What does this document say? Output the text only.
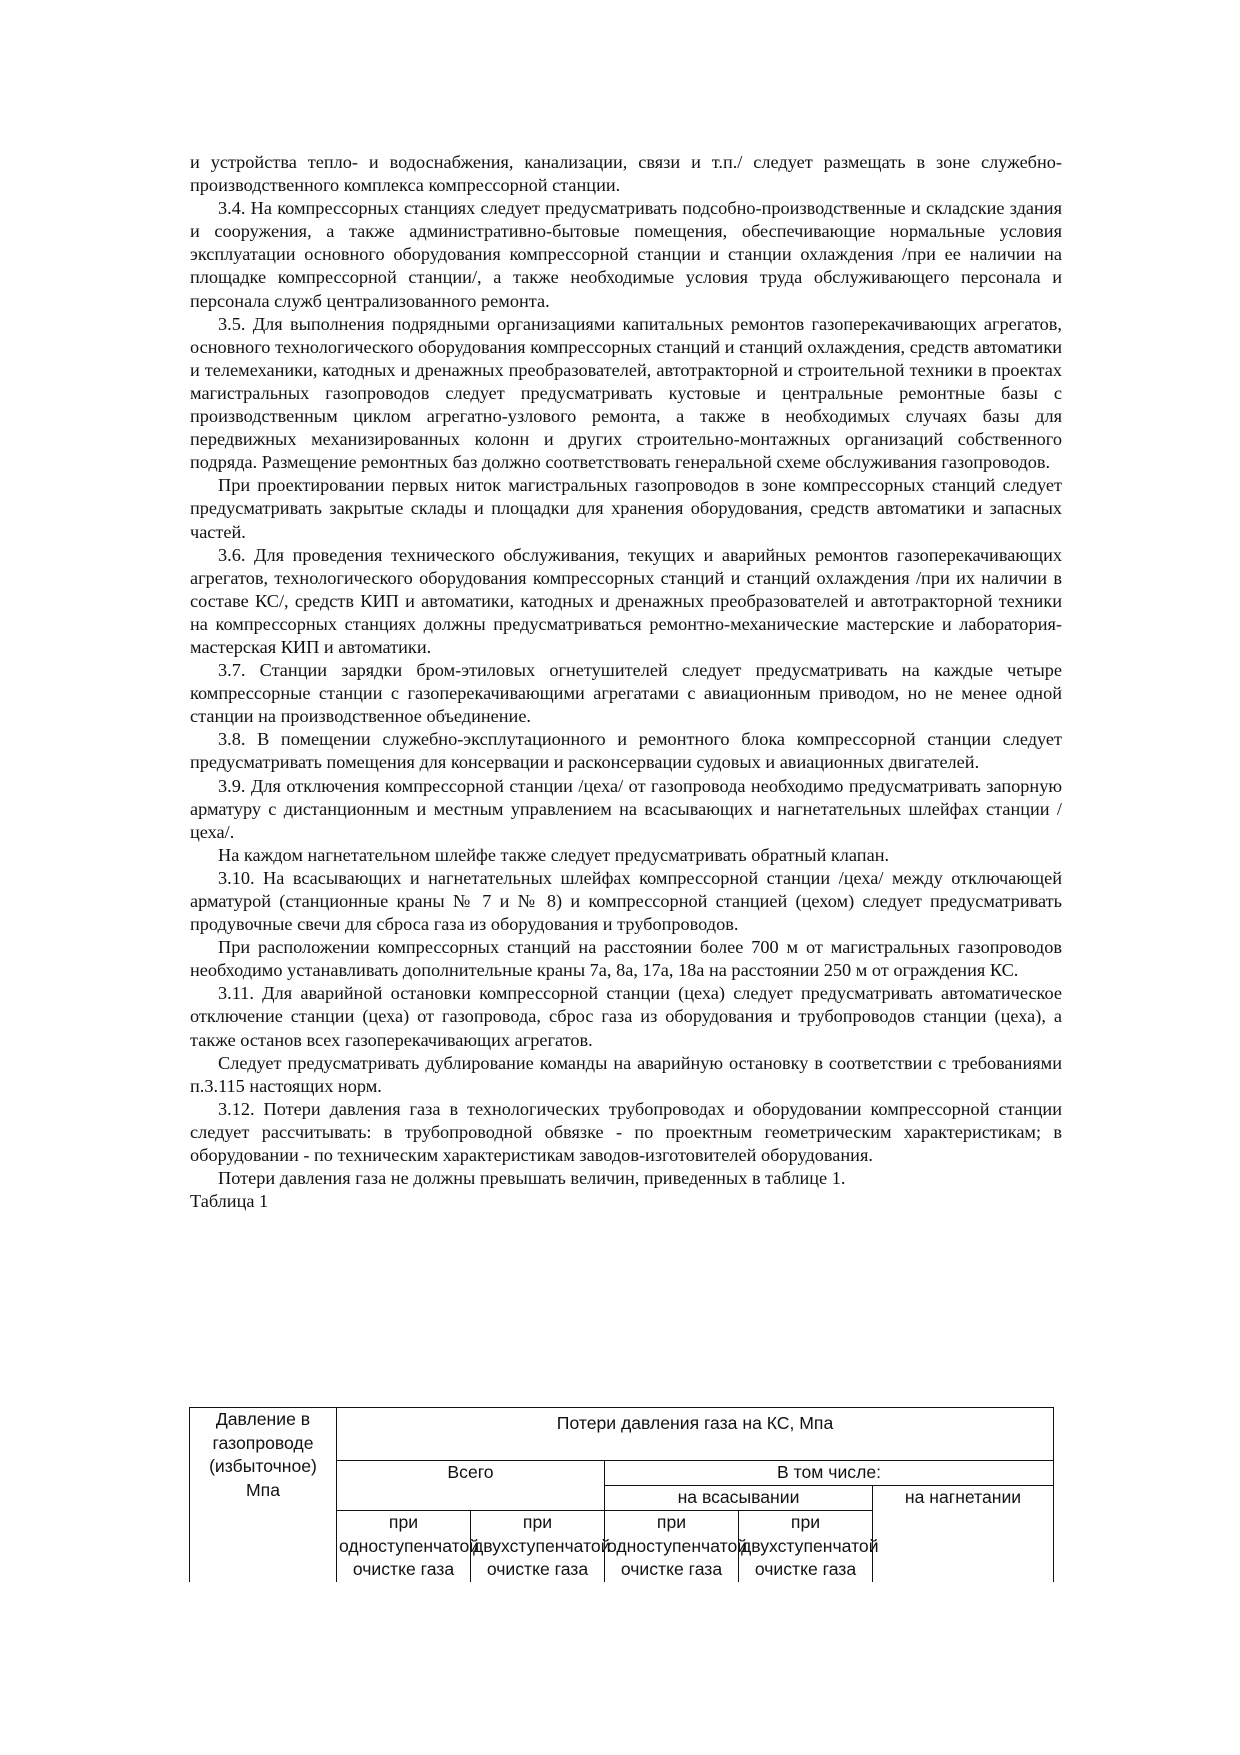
и устройства тепло- и водоснабжения, канализации, связи и т.п./ следует размещать в зоне служебно-производственного комплекса компрессорной станции.

3.4. На компрессорных станциях следует предусматривать подсобно-производственные и складские здания и сооружения, а также административно-бытовые помещения, обеспечивающие нормальные условия эксплуатации основного оборудования компрессорной станции и станции охлаждения /при ее наличии на площадке компрессорной станции/, а также необходимые условия труда обслуживающего персонала и персонала служб централизованного ремонта.

3.5. Для выполнения подрядными организациями капитальных ремонтов газоперекачивающих агрегатов, основного технологического оборудования компрессорных станций и станций охлаждения, средств автоматики и телемеханики, катодных и дренажных преобразователей, автотракторной и строительной техники в проектах магистральных газопроводов следует предусматривать кустовые и центральные ремонтные базы с производственным циклом агрегатно-узлового ремонта, а также в необходимых случаях базы для передвижных механизированных колонн и других строительно-монтажных организаций собственного подряда. Размещение ремонтных баз должно соответствовать генеральной схеме обслуживания газопроводов.

При проектировании первых ниток магистральных газопроводов в зоне компрессорных станций следует предусматривать закрытые склады и площадки для хранения оборудования, средств автоматики и запасных частей.

3.6. Для проведения технического обслуживания, текущих и аварийных ремонтов газоперекачивающих агрегатов, технологического оборудования компрессорных станций и станций охлаждения /при их наличии в составе КС/, средств КИП и автоматики, катодных и дренажных преобразователей и автотракторной техники на компрессорных станциях должны предусматриваться ремонтно-механические мастерские и лаборатория-мастерская КИП и автоматики.

3.7. Станции зарядки бром-этиловых огнетушителей следует предусматривать на каждые четыре компрессорные станции с газоперекачивающими агрегатами с авиационным приводом, но не менее одной станции на производственное объединение.

3.8. В помещении служебно-эксплутационного и ремонтного блока компрессорной станции следует предусматривать помещения для консервации и расконсервации судовых и авиационных двигателей.

3.9. Для отключения компрессорной станции /цеха/ от газопровода необходимо предусматривать запорную арматуру с дистанционным и местным управлением на всасывающих и нагнетательных шлейфах станции /цеха/.

На каждом нагнетательном шлейфе также следует предусматривать обратный клапан.

3.10. На всасывающих и нагнетательных шлейфах компрессорной станции /цеха/ между отключающей арматурой (станционные краны № 7 и № 8) и компрессорной станцией (цехом) следует предусматривать продувочные свечи для сброса газа из оборудования и трубопроводов.

При расположении компрессорных станций на расстоянии более 700 м от магистральных газопроводов необходимо устанавливать дополнительные краны 7а, 8а, 17а, 18а на расстоянии 250 м от ограждения КС.

3.11. Для аварийной остановки компрессорной станции (цеха) следует предусматривать автоматическое отключение станции (цеха) от газопровода, сброс газа из оборудования и трубопроводов станции (цеха), а также останов всех газоперекачивающих агрегатов.

Следует предусматривать дублирование команды на аварийную остановку в соответствии с требованиями п.3.115 настоящих норм.

3.12. Потери давления газа в технологических трубопроводах и оборудовании компрессорной станции следует рассчитывать: в трубопроводной обвязке - по проектным геометрическим характеристикам; в оборудовании - по техническим характеристикам заводов-изготовителей оборудования.

Потери давления газа не должны превышать величин, приведенных в таблице 1.

Таблица 1

Давление в газопроводе (избыточное) Мпа	Потери давления газа на КС, Мпа				
	Всего		В том числе:		
			на всасывании		на нагнетании
	при одноступенчатой очистке газа	при двухступенчатой очистке газа	при одноступенчатой очистке газа	при двухступенчатой очистке газа	
